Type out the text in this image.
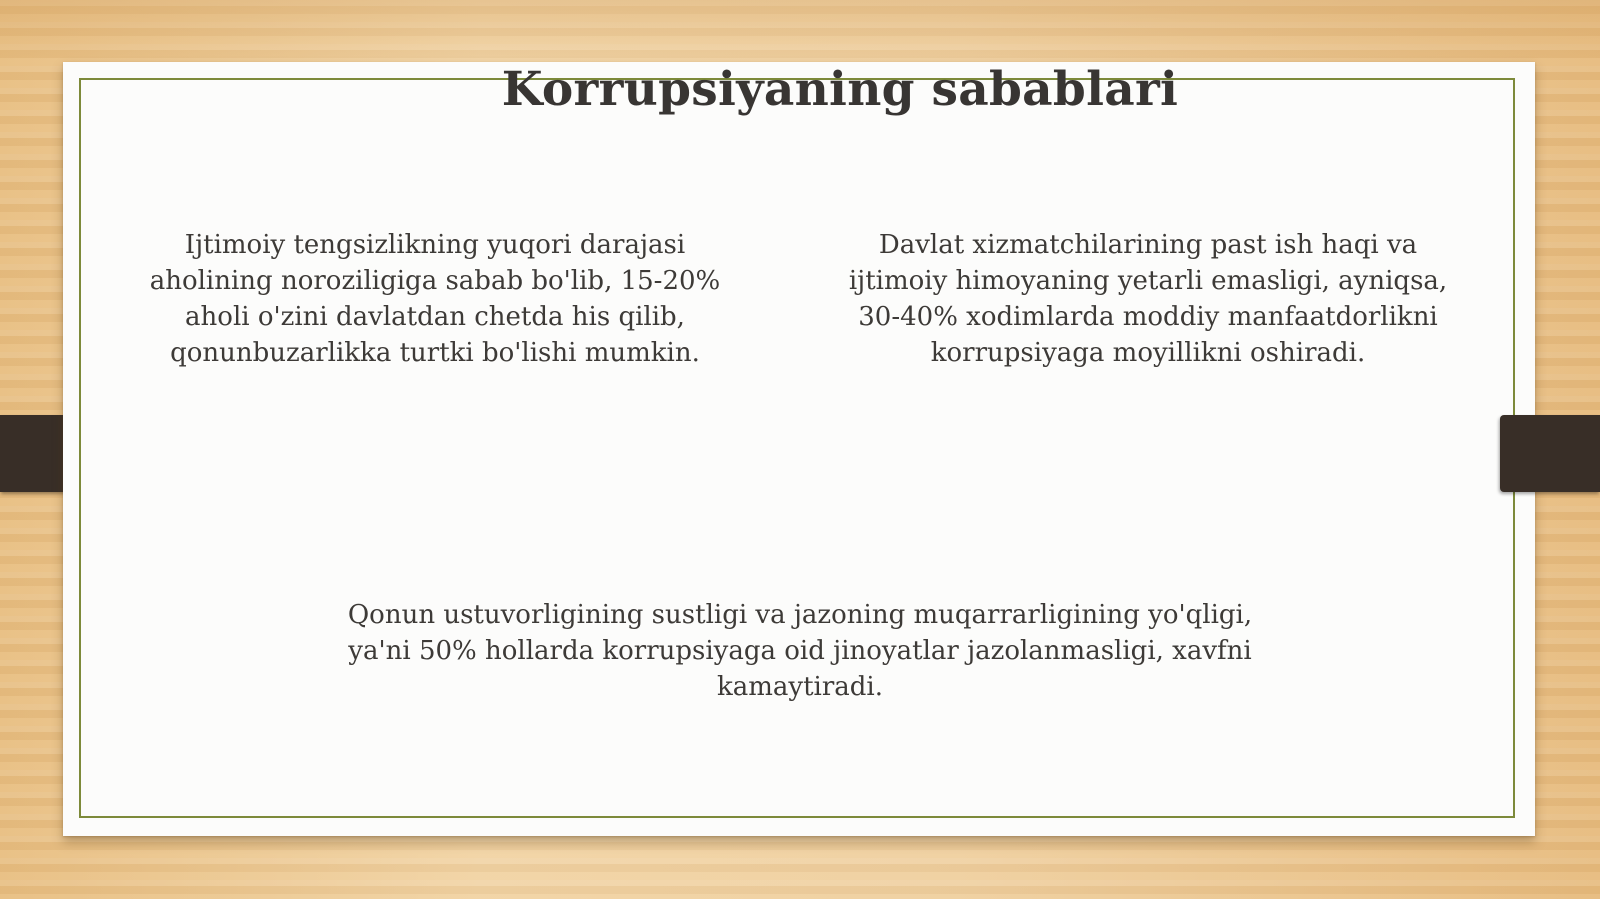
Korrupsiyaning sabablari
Ijtimoiy tengsizlikning yuqori darajasi
aholining noroziligiga sabab bo'lib, 15-20%
aholi o'zini davlatdan chetda his qilib,
qonunbuzarlikka turtki bo'lishi mumkin.
Davlat xizmatchilarining past ish haqi va
ijtimoiy himoyaning yetarli emasligi, ayniqsa,
30-40% xodimlarda moddiy manfaatdorlikni
korrupsiyaga moyillikni oshiradi.
Qonun ustuvorligining sustligi va jazoning muqarrarligining yo'qligi,
ya'ni 50% hollarda korrupsiyaga oid jinoyatlar jazolanmasligi, xavfni
kamaytiradi.
